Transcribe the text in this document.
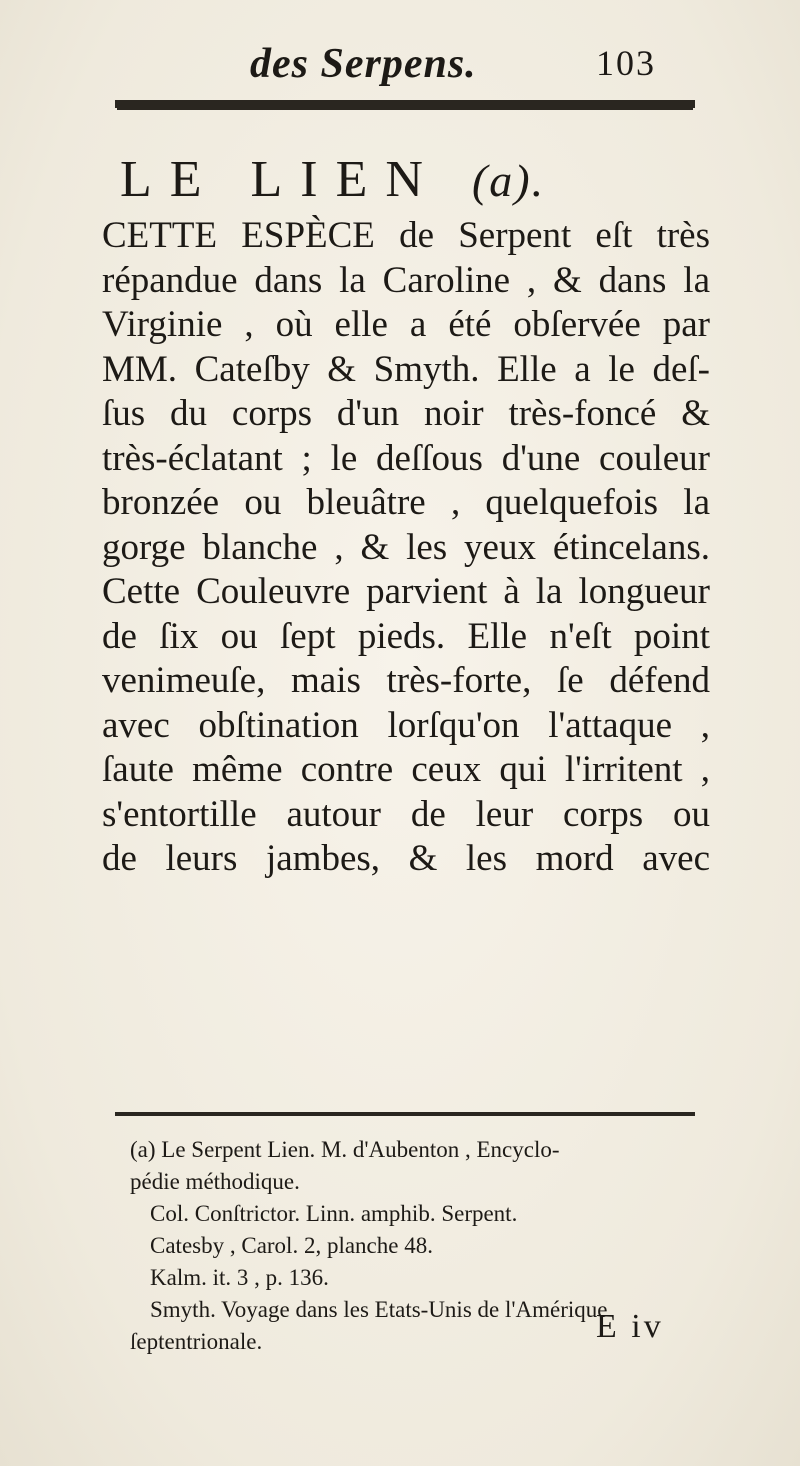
des Serpens.	103
LE LIEN (a).
CETTE ESPÈCE de Serpent eſt très
répandue dans la Caroline , & dans la
Virginie , où elle a été obſervée par
MM. Cateſby & Smyth. Elle a le deſ-
ſus du corps d'un noir très-foncé &
très-éclatant ; le deſſous d'une couleur
bronzée ou bleuâtre , quelquefois la
gorge blanche , & les yeux étincelans.
Cette Couleuvre parvient à la longueur
de ſix ou ſept pieds. Elle n'eſt point
venimeuſe, mais très-forte, ſe défend
avec obſtination lorſqu'on l'attaque ,
ſaute même contre ceux qui l'irritent ,
s'entortille autour de leur corps ou
de leurs jambes, & les mord avec
(a) Le Serpent Lien. M. d'Aubenton , Encyclo-
pédie méthodique.
Col. Conſtrictor. Linn. amphib. Serpent.
Catesby , Carol. 2, planche 48.
Kalm. it. 3 , p. 136.
Smyth. Voyage dans les Etats-Unis de l'Amérique
ſeptentrionale.	E iv
